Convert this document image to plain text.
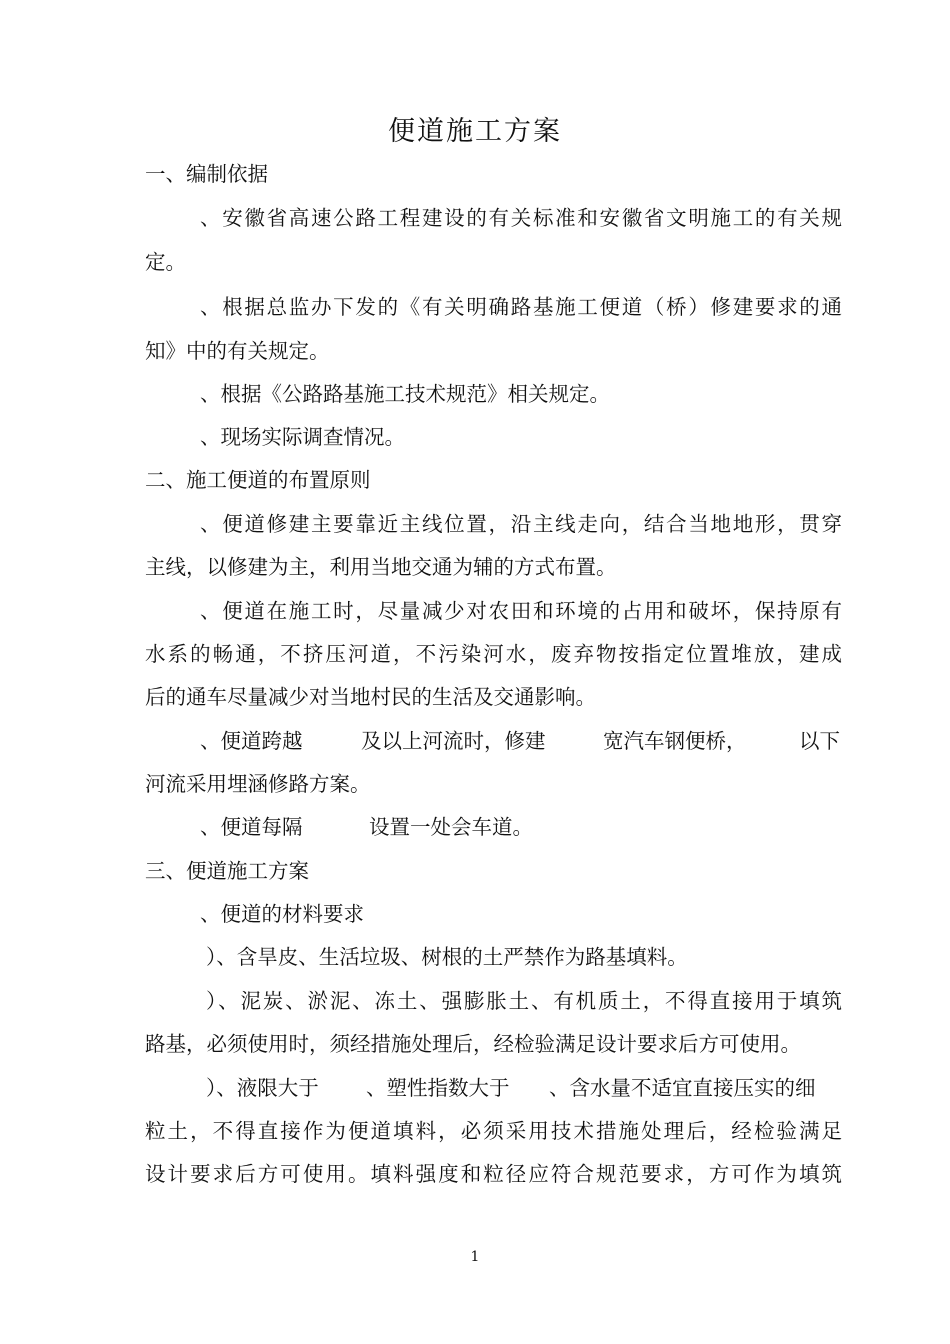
便道施工方案
一、编制依据
、安徽省高速公路工程建设的有关标准和安徽省文明施工的有关规
定。
、根据总监办下发的《有关明确路基施工便道（桥）修建要求的通
知》中的有关规定。
、根据《公路路基施工技术规范》相关规定。
、现场实际调查情况。
二、施工便道的布置原则
、便道修建主要靠近主线位置，沿主线走向，结合当地地形，贯穿
主线，以修建为主，利用当地交通为辅的方式布置。
、便道在施工时，尽量减少对农田和环境的占用和破坏，保持原有
水系的畅通，不挤压河道，不污染河水，废弃物按指定位置堆放，建成
后的通车尽量减少对当地村民的生活及交通影响。
、便道跨越	及以上河流时，修建	宽汽车钢便桥，	以下
河流采用埋涵修路方案。
、便道每隔	设置一处会车道。
三、便道施工方案
、便道的材料要求
）、含旱皮、生活垃圾、树根的土严禁作为路基填料。
）、泥炭、淤泥、冻土、强膨胀土、有机质土，不得直接用于填筑
路基，必须使用时，须经措施处理后，经检验满足设计要求后方可使用。
）、液限大于 、塑性指数大于 、含水量不适宜直接压实的细
粒土，不得直接作为便道填料，必须采用技术措施处理后，经检验满足
设计要求后方可使用。填料强度和粒径应符合规范要求，方可作为填筑
1
